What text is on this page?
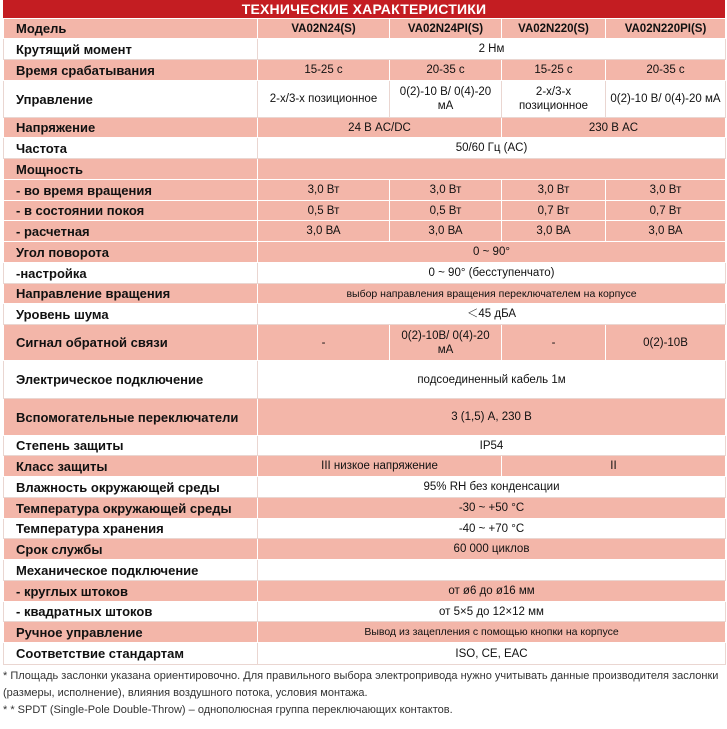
ТЕХНИЧЕСКИЕ ХАРАКТЕРИСТИКИ
Модель	VA02N24(S)	VA02N24PI(S)	VA02N220(S)	VA02N220PI(S)
Крутящий момент	2 Нм			
Время срабатывания	15-25 с	20-35 с	15-25 с	20-35 с
Управление	2-х/3-х позиционное	0(2)-10 В/ 0(4)-20 мА	2-х/3-х позиционное	0(2)-10 В/ 0(4)-20 мА
Напряжение	24 В AC/DC		230 В AC	
Частота	50/60 Гц (AC)			
Мощность				
- во время вращения	3,0 Вт	3,0 Вт	3,0 Вт	3,0 Вт
- в состоянии покоя	0,5 Вт	0,5 Вт	0,7 Вт	0,7 Вт
- расчетная	3,0 ВА	3,0 ВА	3,0 ВА	3,0 ВА
Угол поворота	0 ~ 90°			
-настройка	0 ~ 90° (бесступенчато)			
Направление вращения	выбор направления вращения переключателем на корпусе			
Уровень шума	＜45 дБА			
Сигнал обратной связи	-	0(2)-10В/ 0(4)-20 мА	-	0(2)-10В
Электрическое подключение	подсоединенный кабель 1м			
Вспомогательные переключатели	3 (1,5) А, 230 В			
Степень защиты	IP54			
Класс защиты	III низкое напряжение		II	
Влажность окружающей среды	95% RH без конденсации			
Температура окружающей среды	-30 ~ +50 °C			
Температура хранения	-40 ~ +70 °C			
Срок службы	60 000 циклов			
Механическое подключение				
- круглых штоков	от ø6 до ø16 мм			
- квадратных штоков	от 5×5 до 12×12 мм			
Ручное управление	Вывод из зацепления с помощью кнопки на корпусе			
Соответствие стандартам	ISO, CE, EAC			

* Площадь заслонки указана ориентировочно. Для правильного выбора электропривода нужно учитывать данные производителя заслонки (размеры, исполнение), влияния воздушного потока, условия монтажа.

* * SPDT (Single-Pole Double-Throw) – однополюсная группа переключающих контактов.
